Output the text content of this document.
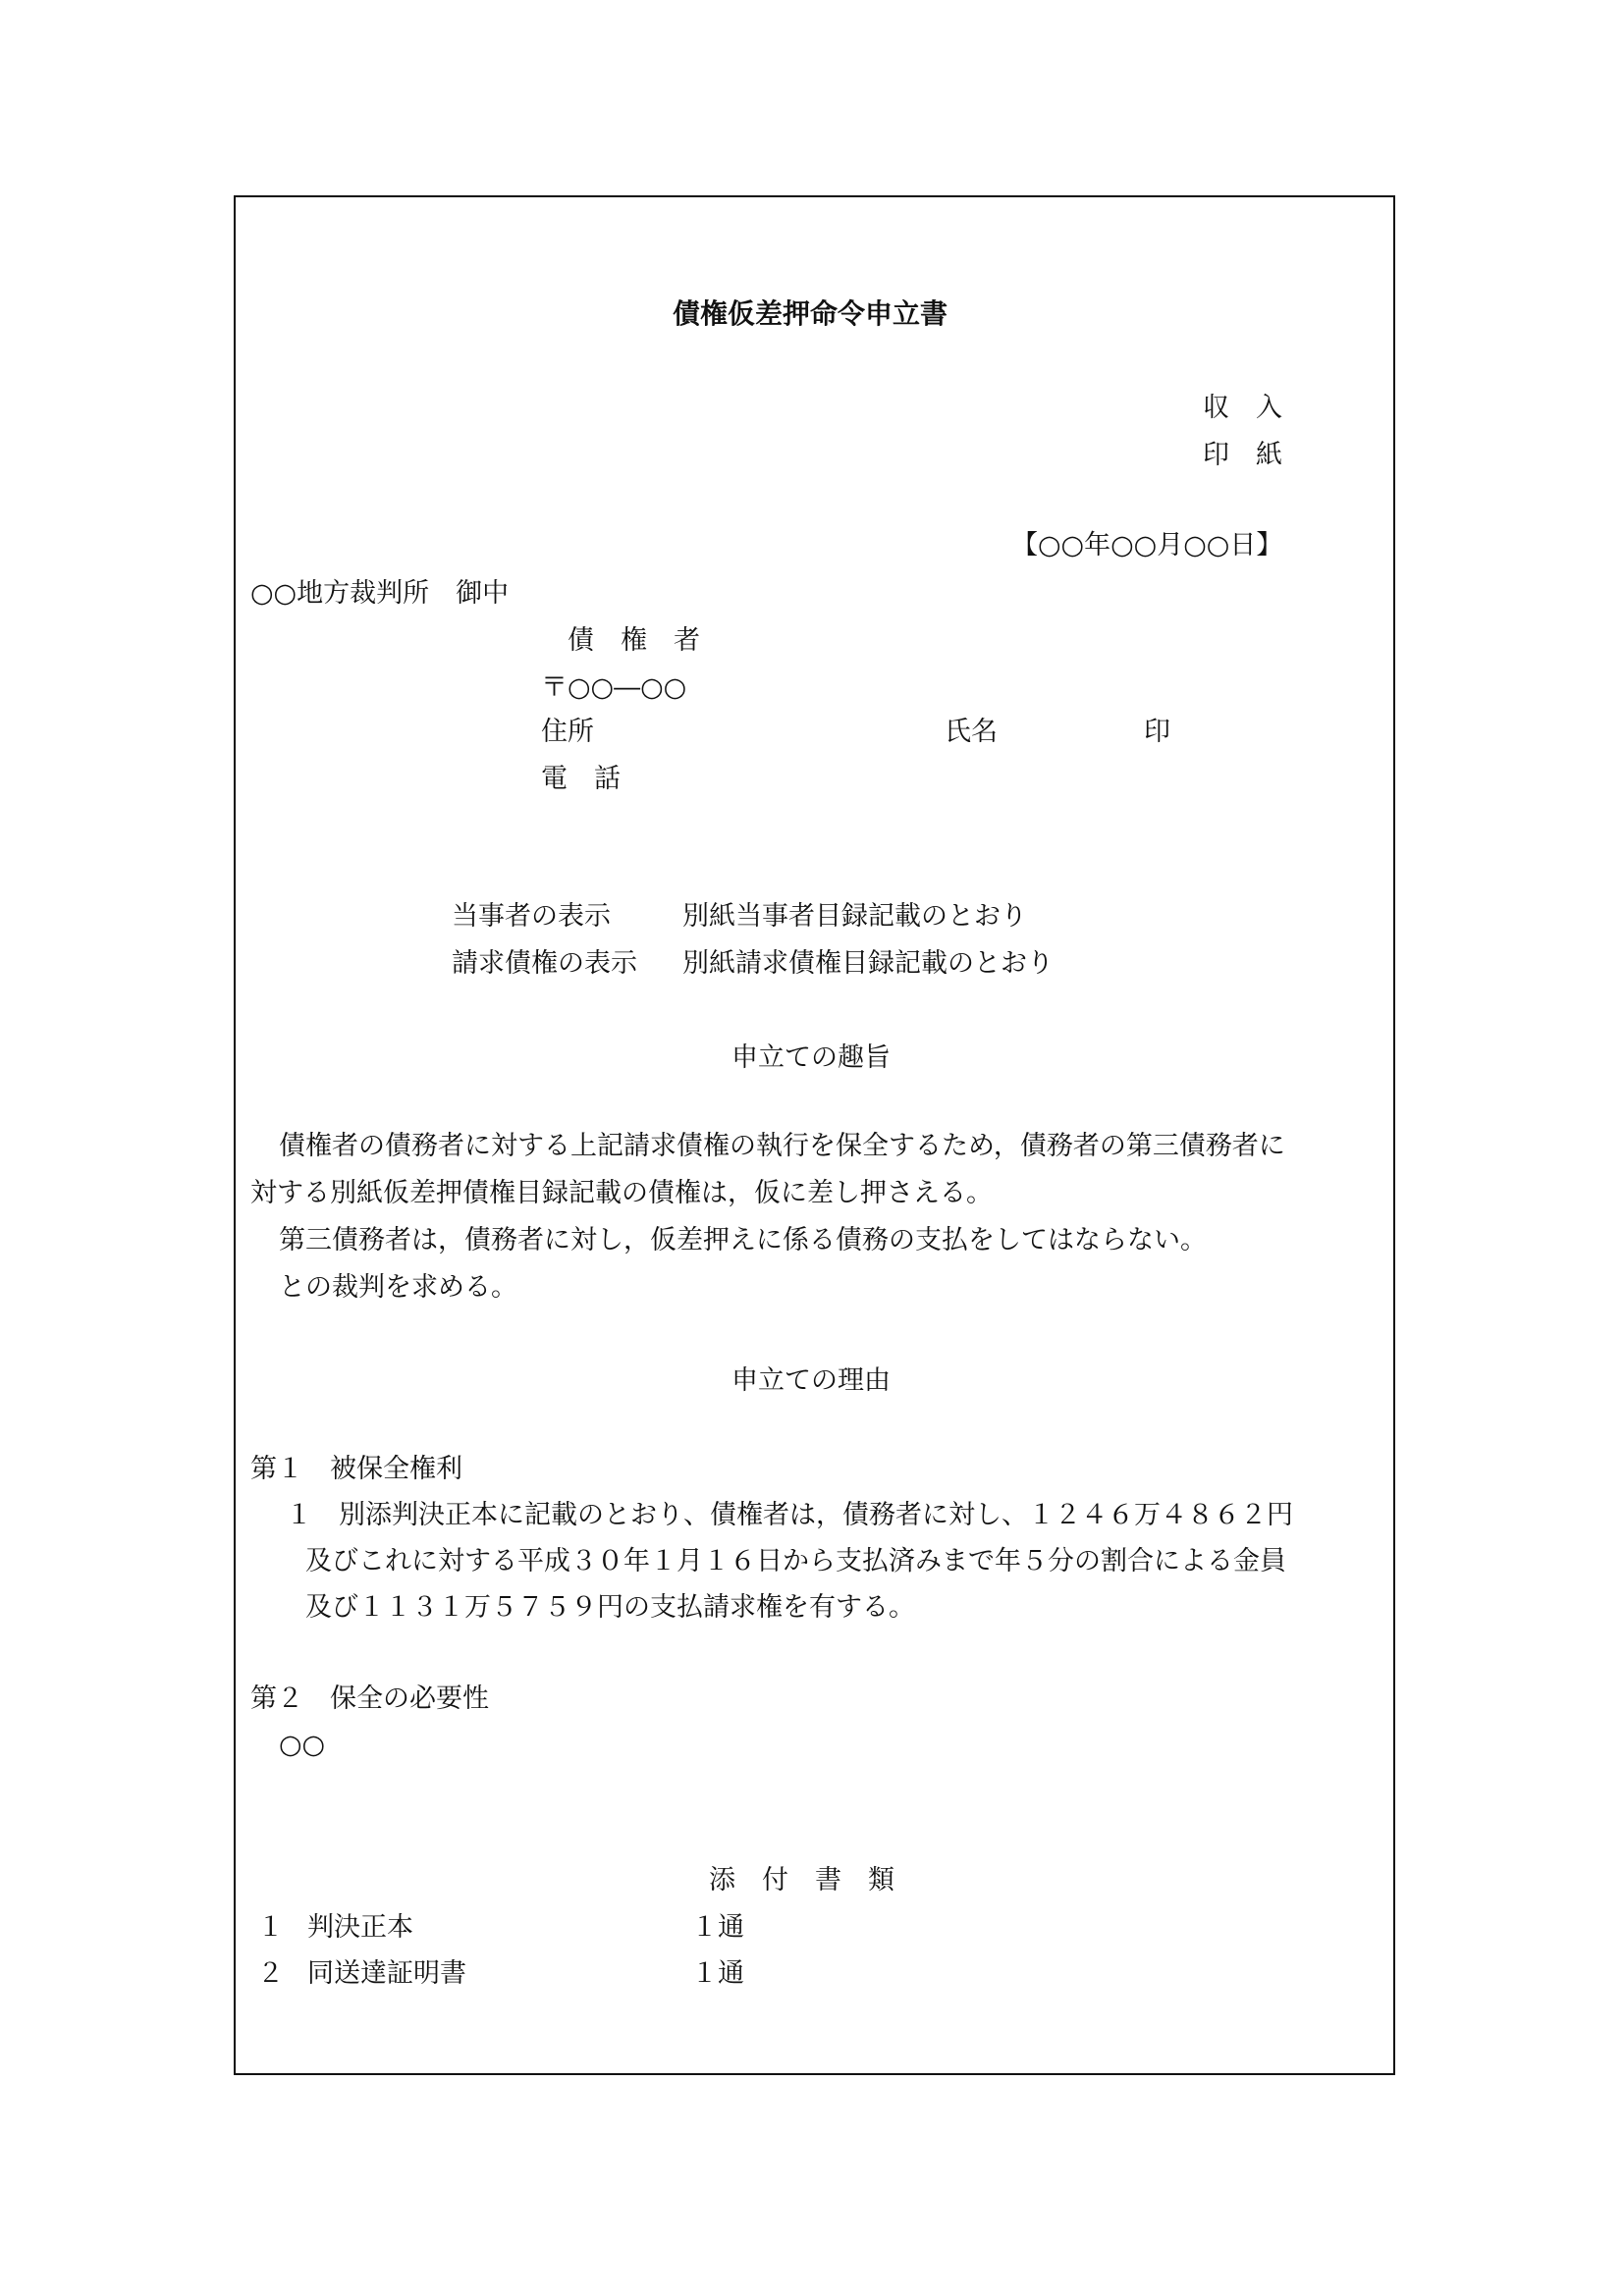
債権仮差押命令申立書
収　入
印　紙
【○○年○○月○○日】
○○地方裁判所　御中
債　権　者
〒○○―○○
住所	氏名	印
電　話
当事者の表示	別紙当事者目録記載のとおり
請求債権の表示 別紙請求債権目録記載のとおり
申立ての趣旨
債権者の債務者に対する上記請求債権の執行を保全するため，債務者の第三債務者に
対する別紙仮差押債権目録記載の債権は，仮に差し押さえる。
第三債務者は，債務者に対し，仮差押えに係る債務の支払をしてはならない。
との裁判を求める。
申立ての理由
第１　被保全権利
１　別添判決正本に記載のとおり、債権者は，債務者に対し、１２４６万４８６２円
及びこれに対する平成３０年１月１６日から支払済みまで年５分の割合による金員
及び１１３１万５７５９円の支払請求権を有する。
第２　保全の必要性
○○
添　付　書　類
１ 判決正本	１通
２ 同送達証明書	１通
